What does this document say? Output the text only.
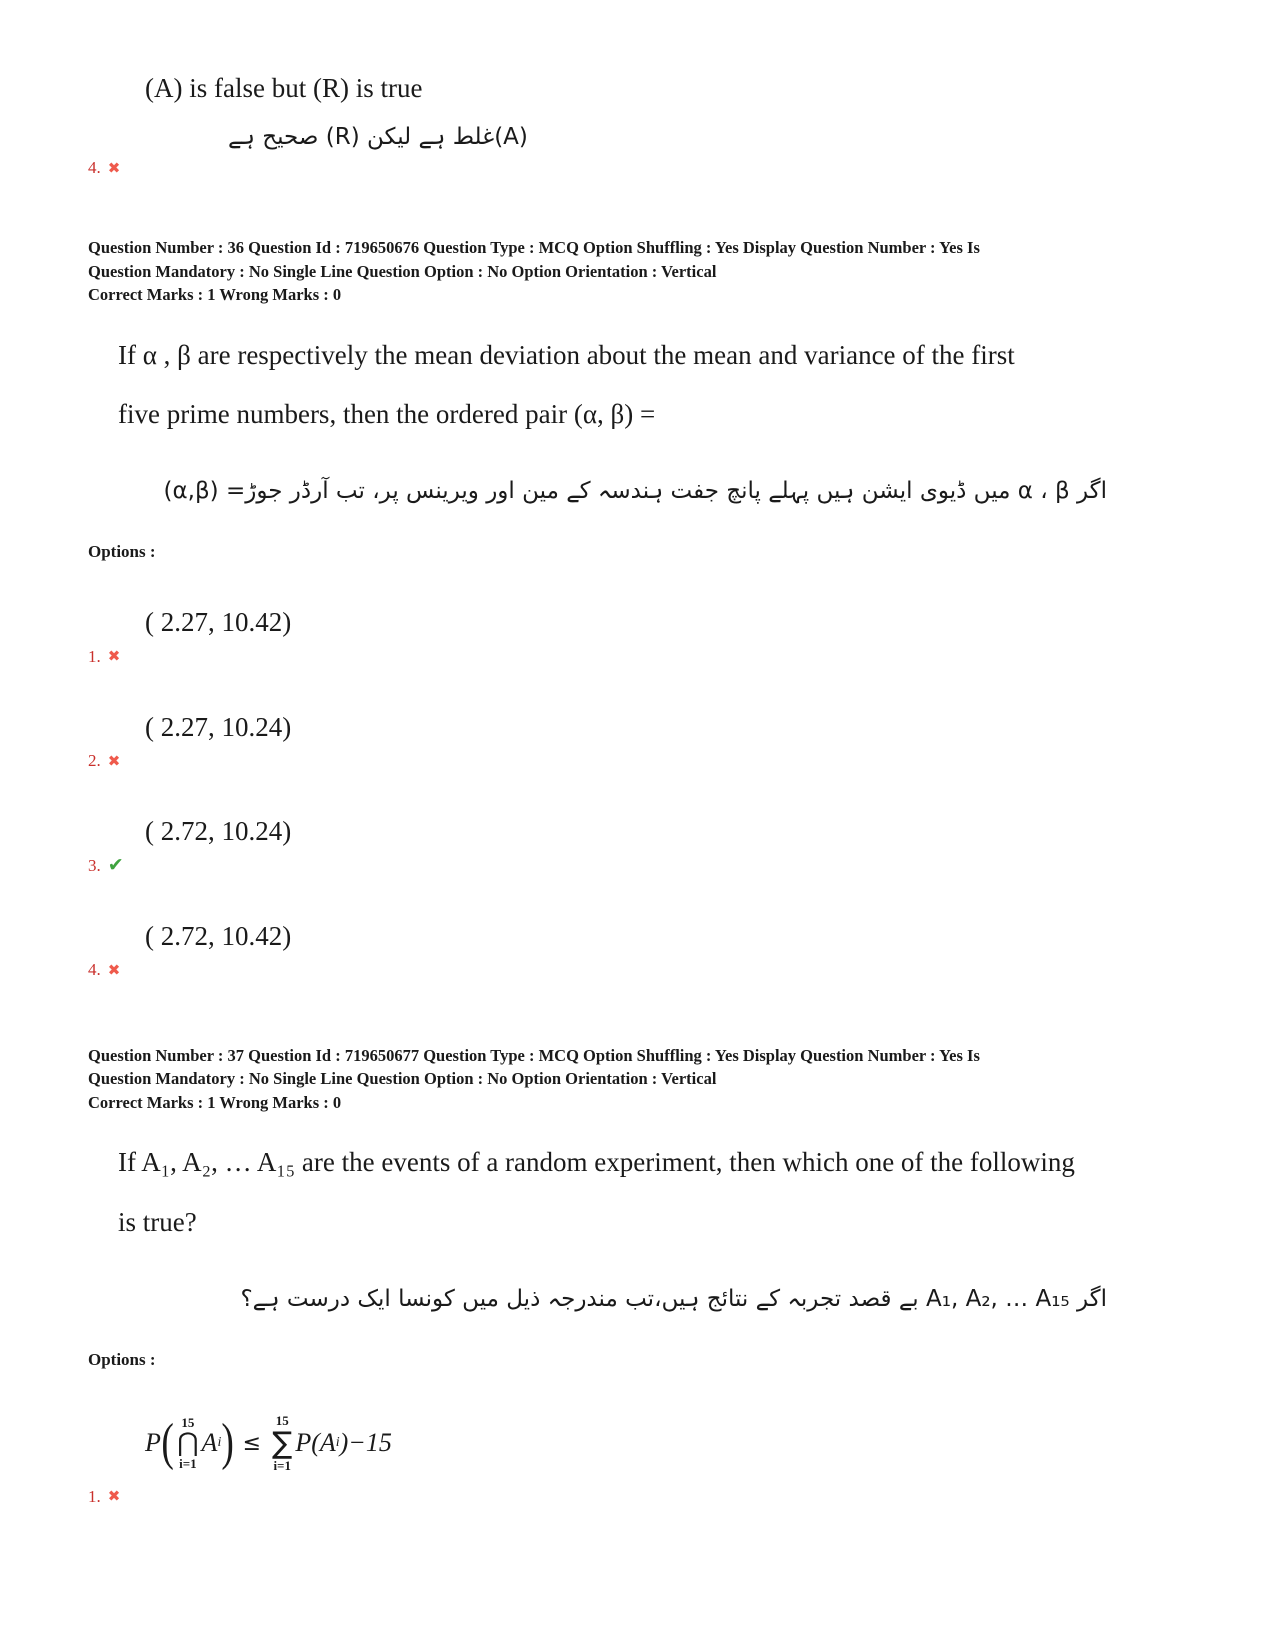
(A) is false but (R) is true
(A)غلط ہے لیکن (R) صحیح ہے
4. ✖
Question Number : 36 Question Id : 719650676 Question Type : MCQ Option Shuffling : Yes Display Question Number : Yes Is
Question Mandatory : No Single Line Question Option : No Option Orientation : Vertical
Correct Marks : 1 Wrong Marks : 0
If α , β are respectively the mean deviation about the mean and variance of the first
five prime numbers, then the ordered pair (α, β) =
اگر α ، β میں ڈیوی ایشن ہیں پہلے پانچ جفت ہندسہ کے مین اور ویرینس پر، تب آرڈر جوڑ= (α,β)
Options :
( 2.27, 10.42)
1. ✖
( 2.27, 10.24)
2. ✖
( 2.72, 10.24)
3. ✔
( 2.72, 10.42)
4. ✖
Question Number : 37 Question Id : 719650677 Question Type : MCQ Option Shuffling : Yes Display Question Number : Yes Is
Question Mandatory : No Single Line Question Option : No Option Orientation : Vertical
Correct Marks : 1 Wrong Marks : 0
If A₁, A₂, … A₁₅ are the events of a random experiment, then which one of the following
is true?
اگر A₁, A₂, … A₁₅ بے قصد تجربہ کے نتائج ہیں،تب مندرجہ ذیل میں کونسا ایک درست ہے؟
Options :
P ( 15
⋂
i=1
A i ) ≤
15
∑
i=1
P(A i )−15
1. ✖
